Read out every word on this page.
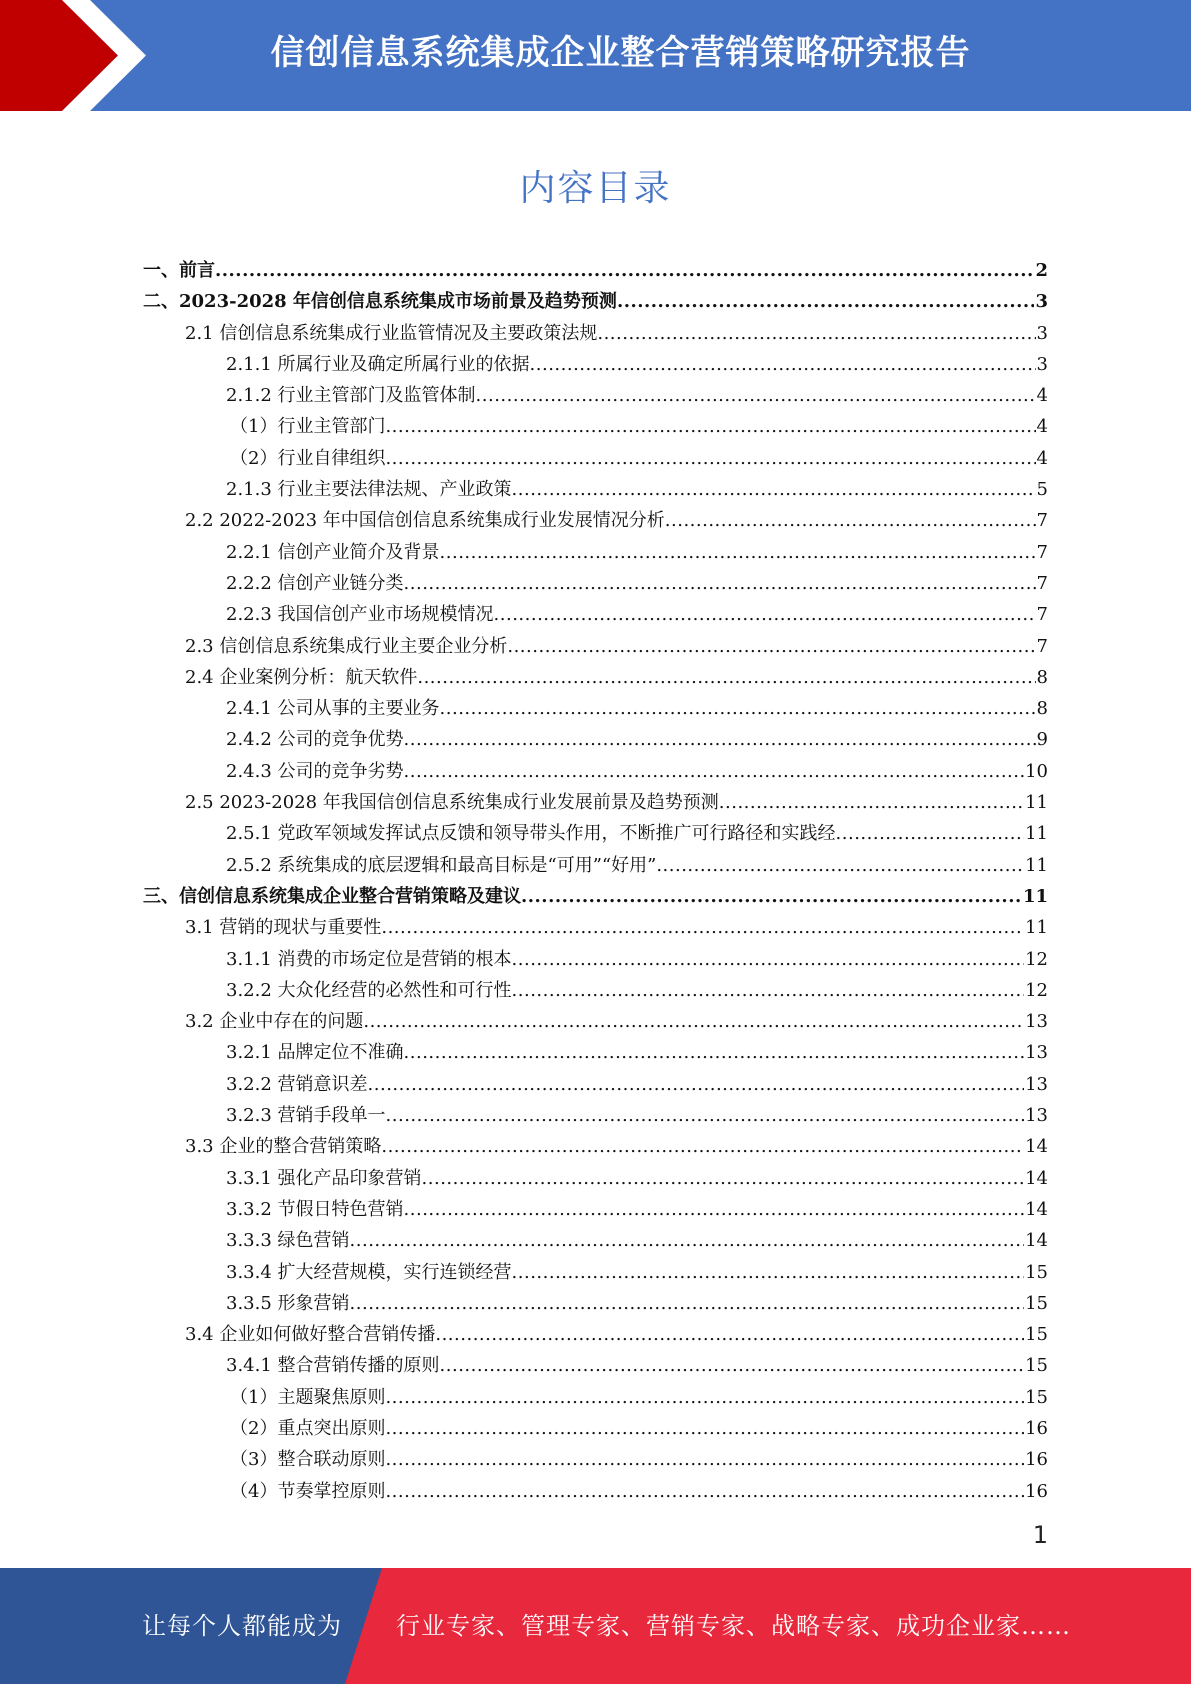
信创信息系统集成企业整合营销策略研究报告
内容目录
一、前言 .....	2
二、2023-2028 年信创信息系统集成市场前景及趋势预测 .....	3
2.1 信创信息系统集成行业监管情况及主要政策法规 .....	3
2.1.1 所属行业及确定所属行业的依据 .....	3
2.1.2 行业主管部门及监管体制 .....	4
（1）行业主管部门 .....	4
（2）行业自律组织 .....	4
2.1.3 行业主要法律法规、产业政策 .....	5
2.2 2022-2023 年中国信创信息系统集成行业发展情况分析 .....	7
2.2.1 信创产业简介及背景 .....	7
2.2.2 信创产业链分类 .....	7
2.2.3 我国信创产业市场规模情况 .....	7
2.3 信创信息系统集成行业主要企业分析 .....	7
2.4 企业案例分析：航天软件 .....	8
2.4.1 公司从事的主要业务 .....	8
2.4.2 公司的竞争优势 .....	9
2.4.3 公司的竞争劣势 .....	10
2.5 2023-2028 年我国信创信息系统集成行业发展前景及趋势预测 .....	11
2.5.1 党政军领域发挥试点反馈和领导带头作用，不断推广可行路径和实践经 .....	11
2.5.2 系统集成的底层逻辑和最高目标是“可用”“好用” .....	11
三、信创信息系统集成企业整合营销策略及建议 .....	11
3.1 营销的现状与重要性 .....	11
3.1.1 消费的市场定位是营销的根本 .....	12
3.2.2 大众化经营的必然性和可行性 .....	12
3.2 企业中存在的问题 .....	13
3.2.1 品牌定位不准确 .....	13
3.2.2 营销意识差 .....	13
3.2.3 营销手段单一 .....	13
3.3 企业的整合营销策略 .....	14
3.3.1 强化产品印象营销 .....	14
3.3.2 节假日特色营销 .....	14
3.3.3 绿色营销 .....	14
3.3.4 扩大经营规模，实行连锁经营 .....	15
3.3.5 形象营销 .....	15
3.4 企业如何做好整合营销传播 .....	15
3.4.1 整合营销传播的原则 .....	15
（1）主题聚焦原则 .....	15
（2）重点突出原则 .....	16
（3）整合联动原则 .....	16
（4）节奏掌控原则 .....	16
1
让每个人都能成为 行业专家、管理专家、营销专家、战略专家、成功企业家……
